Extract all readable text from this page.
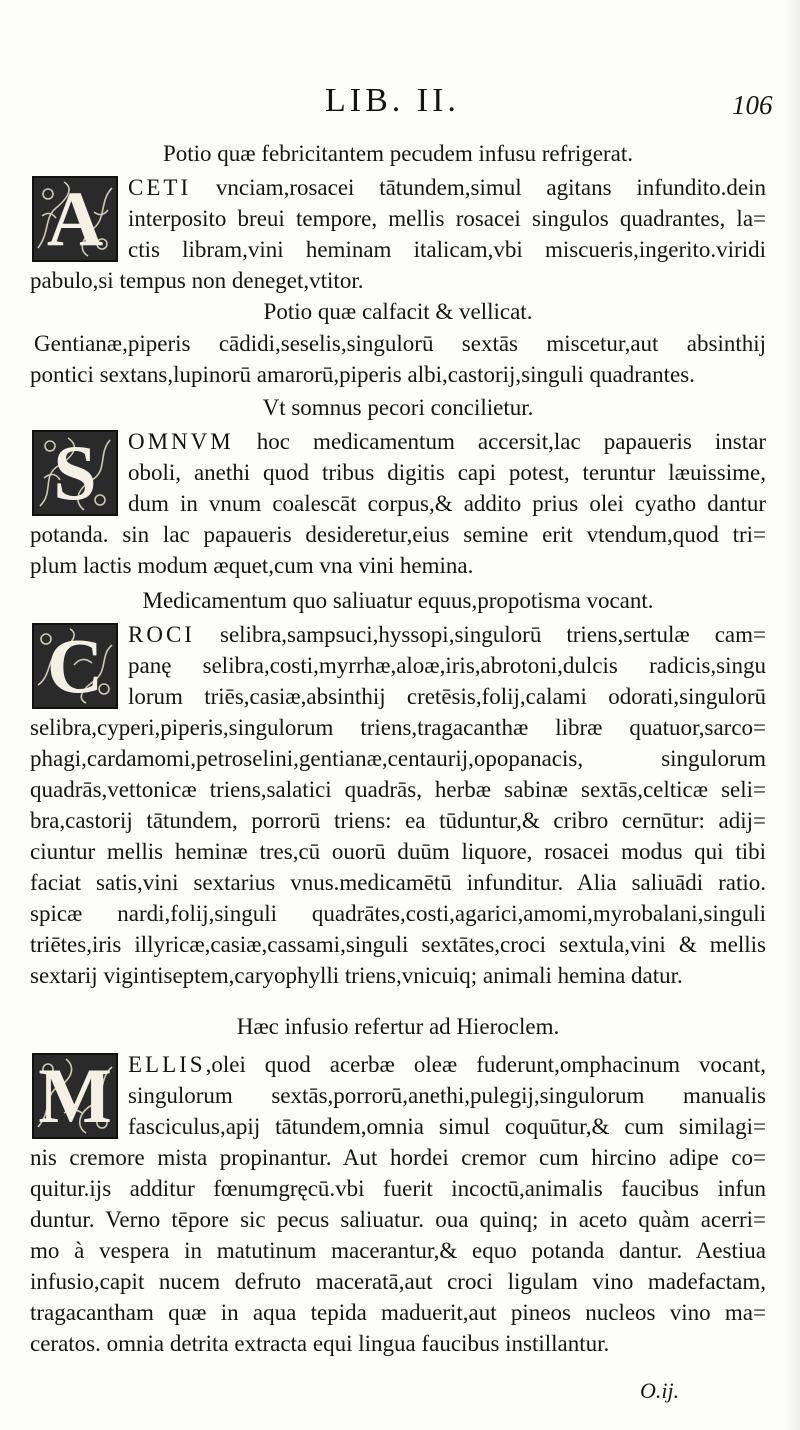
LIB. II.	106

Potio quæ febricitantem pecudem infusu refrigerat.

A	CETI vnciam,rosacei tātundem,simul agitans infundito.dein
interposito breui tempore, mellis rosacei singulos quadrantes, la=
ctis libram,vini heminam italicam,vbi miscueris,ingerito.viridi
pabulo,si tempus non deneget,vtitor.

Potio quæ calfacit & vellicat.

Gentianæ,piperis cādidi,seselis,singulorū sextās miscetur,aut absinthij
pontici sextans,lupinorū amarorū,piperis albi,castorij,singuli quadrantes.

Vt somnus pecori concilietur.

S	OMNVM hoc medicamentum accersit,lac papaueris instar
oboli, anethi quod tribus digitis capi potest, teruntur læuissime,
dum in vnum coalescāt corpus,& addito prius olei cyatho dantur
potanda. sin lac papaueris desideretur,eius semine erit vtendum,quod tri=
plum lactis modum æquet,cum vna vini hemina.

Medicamentum quo saliuatur equus,propotisma vocant.

C	ROCI selibra,sampsuci,hyssopi,singulorū triens,sertulæ cam=
panę selibra,costi,myrrhæ,aloæ,iris,abrotoni,dulcis radicis,singu
lorum triēs,casiæ,absinthij cretēsis,folij,calami odorati,singulorū
selibra,cyperi,piperis,singulorum triens,tragacanthæ libræ quatuor,sarco=
phagi,cardamomi,petroselini,gentianæ,centaurij,opopanacis, singulorum
quadrās,vettonicæ triens,salatici quadrās, herbæ sabinæ sextās,celticæ seli=
bra,castorij tātundem, porrorū triens: ea tūduntur,& cribro cernūtur: adij=
ciuntur mellis heminæ tres,cū ouorū duūm liquore, rosacei modus qui tibi
faciat satis,vini sextarius vnus.medicamētū infunditur. Alia saliuādi ratio.
spicæ nardi,folij,singuli quadrātes,costi,agarici,amomi,myrobalani,singuli
triētes,iris illyricæ,casiæ,cassami,singuli sextātes,croci sextula,vini & mellis
sextarij vigintiseptem,caryophylli triens,vnicuiq; animali hemina datur.

Hæc infusio refertur ad Hieroclem.

M ELLIS,olei quod acerbæ oleæ fuderunt,omphacinum vocant,
singulorum sextās,porrorū,anethi,pulegij,singulorum manualis
fasciculus,apij tātundem,omnia simul coquūtur,& cum similagi=
nis cremore mista propinantur. Aut hordei cremor cum hircino adipe co=
quitur.ijs additur fœnumgręcū.vbi fuerit incoctū,animalis faucibus infun
duntur. Verno tēpore sic pecus saliuatur. oua quinq; in aceto quàm acerri=
mo à vespera in matutinum macerantur,& equo potanda dantur. Aestiua
infusio,capit nucem defruto maceratā,aut croci ligulam vino madefactam,
tragacantham quæ in aqua tepida maduerit,aut pineos nucleos vino ma=
ceratos. omnia detrita extracta equi lingua faucibus instillantur.
O.ij.
